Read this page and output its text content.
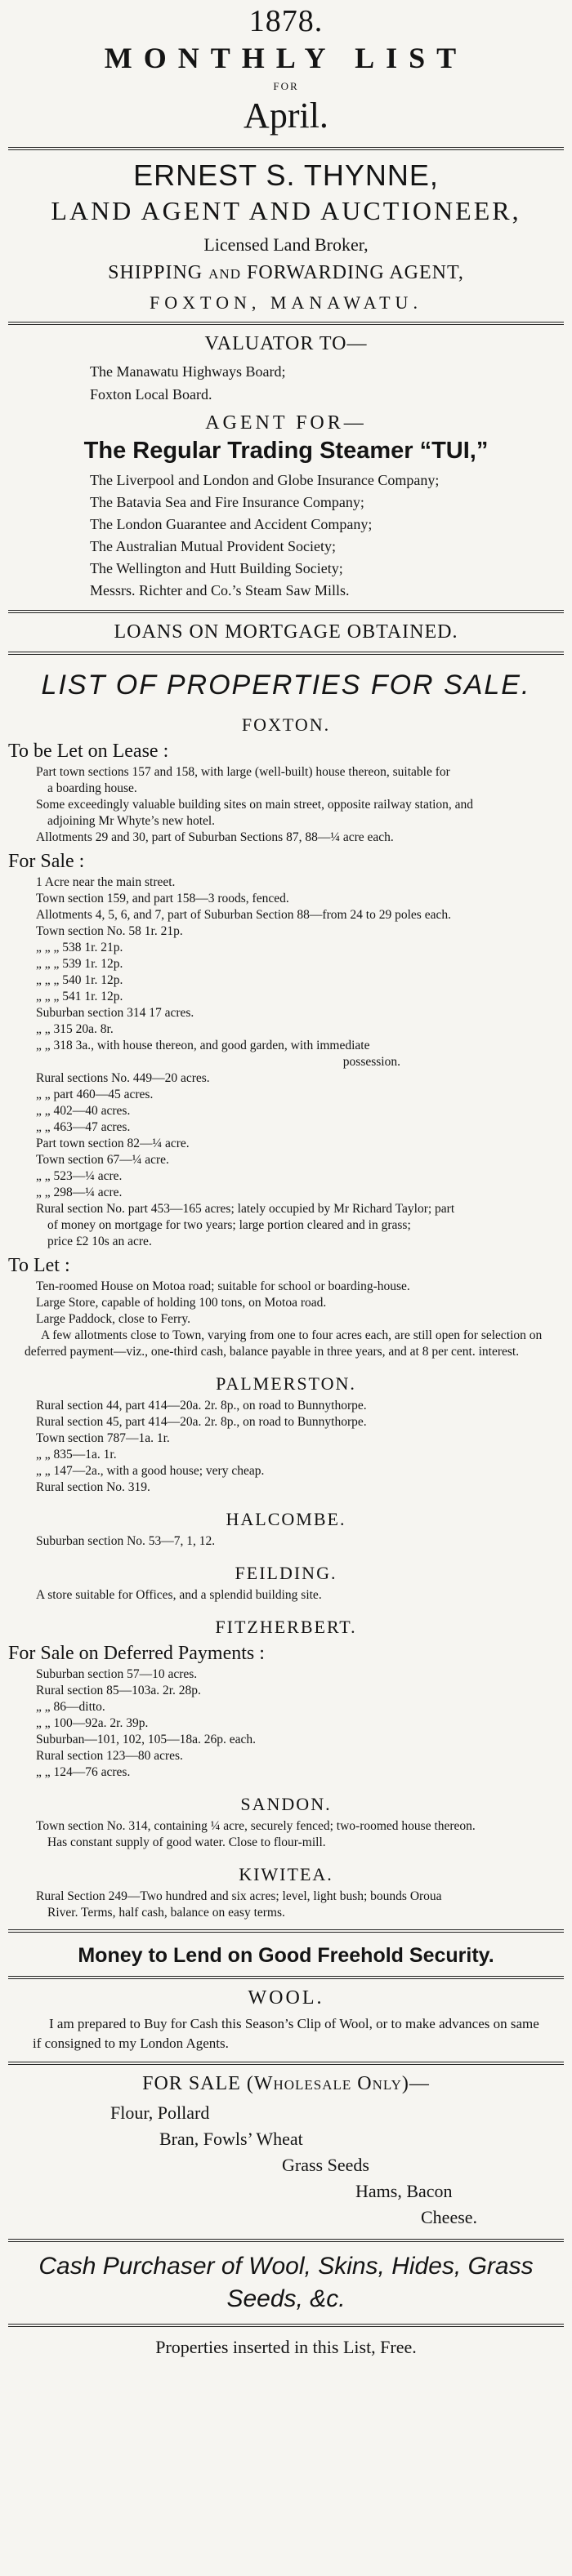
1878.

MONTHLY LIST

FOR

April.

ERNEST S. THYNNE,

LAND AGENT AND AUCTIONEER,

Licensed Land Broker,

SHIPPING AND FORWARDING AGENT,

FOXTON, MANAWATU.

VALUATOR TO—

The Manawatu Highways Board;
Foxton Local Board.

AGENT FOR—

The Regular Trading Steamer “TUI,”

The Liverpool and London and Globe Insurance Company;
The Batavia Sea and Fire Insurance Company;
The London Guarantee and Accident Company;
The Australian Mutual Provident Society;
The Wellington and Hutt Building Society;
Messrs. Richter and Co.’s Steam Saw Mills.

LOANS ON MORTGAGE OBTAINED.

LIST OF PROPERTIES FOR SALE.

FOXTON.

To be Let on Lease :

Part town sections 157 and 158, with large (well-built) house thereon, suitable for

a boarding house.

Some exceedingly valuable building sites on main street, opposite railway station, and

adjoining Mr Whyte’s new hotel.

Allotments 29 and 30, part of Suburban Sections 87, 88—¼ acre each.

For Sale :

1 Acre near the main street.

Town section 159, and part 158—3 roods, fenced.

Allotments 4, 5, 6, and 7, part of Suburban Section 88—from 24 to 29 poles each.

Town section No. 58 1r. 21p.

„ „ „ 538 1r. 21p.

„ „ „ 539 1r. 12p.

„ „ „ 540 1r. 12p.

„ „ „ 541 1r. 12p.

Suburban section 314 17 acres.

„ „ 315 20a. 8r.

„ „ 318 3a., with house thereon, and good garden, with immediate

possession.

Rural sections No. 449—20 acres.

„ „ part 460—45 acres.

„ „ 402—40 acres.

„ „ 463—47 acres.

Part town section 82—¼ acre.

Town section 67—¼ acre.

„ „ 523—¼ acre.

„ „ 298—¼ acre.

Rural section No. part 453—165 acres; lately occupied by Mr Richard Taylor; part

of money on mortgage for two years; large portion cleared and in grass;

price £2 10s an acre.

To Let :

Ten-roomed House on Motoa road; suitable for school or boarding-house.

Large Store, capable of holding 100 tons, on Motoa road.

Large Paddock, close to Ferry.

A few allotments close to Town, varying from one to four acres each, are still open for selection on deferred payment—viz., one-third cash, balance payable in three years, and at 8 per cent. interest.

PALMERSTON.

Rural section 44, part 414—20a. 2r. 8p., on road to Bunnythorpe.

Rural section 45, part 414—20a. 2r. 8p., on road to Bunnythorpe.

Town section 787—1a. 1r.

„ „ 835—1a. 1r.

„ „ 147—2a., with a good house; very cheap.

Rural section No. 319.

HALCOMBE.

Suburban section No. 53—7, 1, 12.

FEILDING.

A store suitable for Offices, and a splendid building site.

FITZHERBERT.

For Sale on Deferred Payments :

Suburban section 57—10 acres.

Rural section 85—103a. 2r. 28p.

„ „ 86—ditto.

„ „ 100—92a. 2r. 39p.

Suburban—101, 102, 105—18a. 26p. each.

Rural section 123—80 acres.

„ „ 124—76 acres.

SANDON.

Town section No. 314, containing ¼ acre, securely fenced; two-roomed house thereon.

Has constant supply of good water. Close to flour-mill.

KIWITEA.

Rural Section 249—Two hundred and six acres; level, light bush; bounds Oroua

River. Terms, half cash, balance on easy terms.

Money to Lend on Good Freehold Security.

WOOL.

I am prepared to Buy for Cash this Season’s Clip of Wool, or to make advances on same if consigned to my London Agents.

FOR SALE (Wholesale Only)—

Flour, Pollard

Bran, Fowls’ Wheat

Grass Seeds

Hams, Bacon

Cheese.

Cash Purchaser of Wool, Skins, Hides, Grass Seeds, &c.

Properties inserted in this List, Free.
